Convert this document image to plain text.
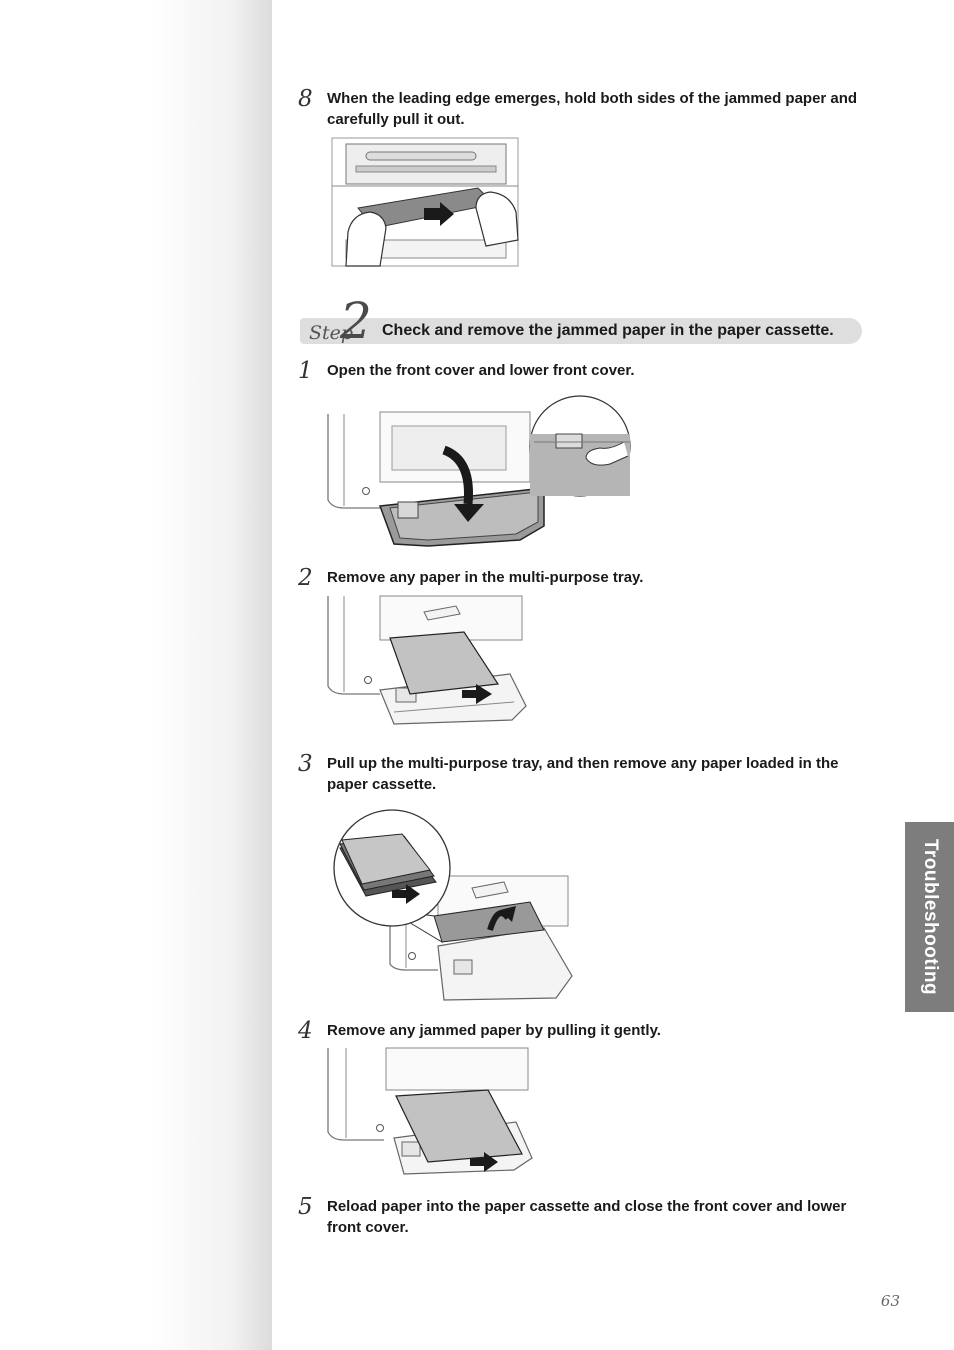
8 When the leading edge emerges, hold both sides of the jammed paper and carefully pull it out.
Step
2 Check and remove the jammed paper in the paper cassette.
1 Open the front cover and lower front cover.
2 Remove any paper in the multi-purpose tray.
3 Pull up the multi-purpose tray, and then remove any paper loaded in the paper cassette.
4 Remove any jammed paper by pulling it gently.
5 Reload paper into the paper cassette and close the front cover and lower front cover.
Troubleshooting
63
